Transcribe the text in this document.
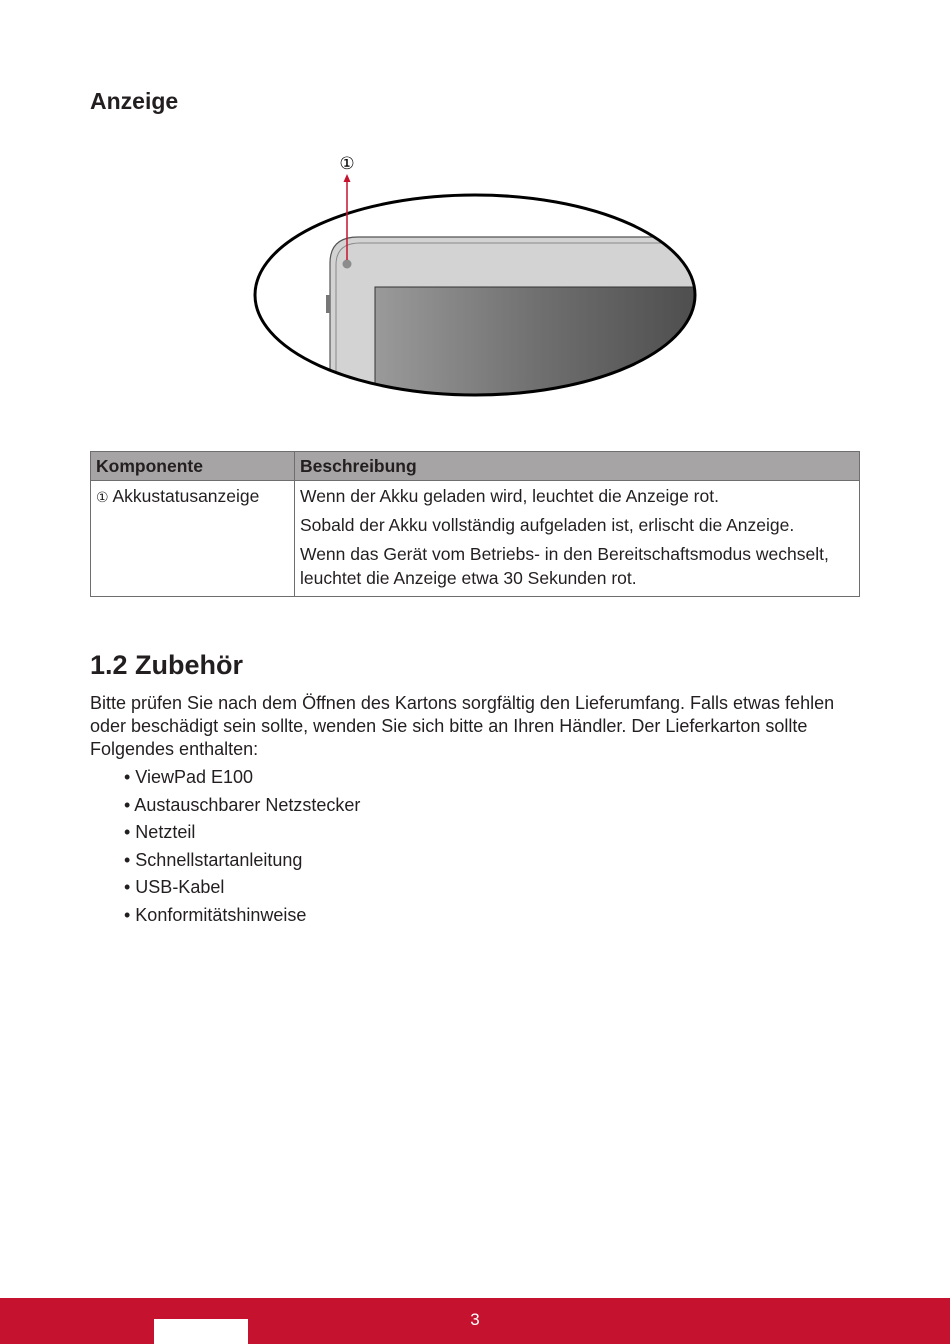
Anzeige
①
Komponente	Beschreibung
① Akkustatusanzeige	Wenn der Akku geladen wird, leuchtet die Anzeige rot.

Sobald der Akku vollständig aufgeladen ist, erlischt die Anzeige.

Wenn das Gerät vom Betriebs- in den Bereitschaftsmodus wechselt, leuchtet die Anzeige etwa 30 Sekunden rot.

1.2 Zubehör

Bitte prüfen Sie nach dem Öffnen des Kartons sorgfältig den Lieferumfang. Falls etwas fehlen oder beschädigt sein sollte, wenden Sie sich bitte an Ihren Händler. Der Lieferkarton sollte Folgendes enthalten:

• ViewPad E100
• Austauschbarer Netzstecker
• Netzteil
• Schnellstartanleitung
• USB-Kabel
• Konformitätshinweise
3
